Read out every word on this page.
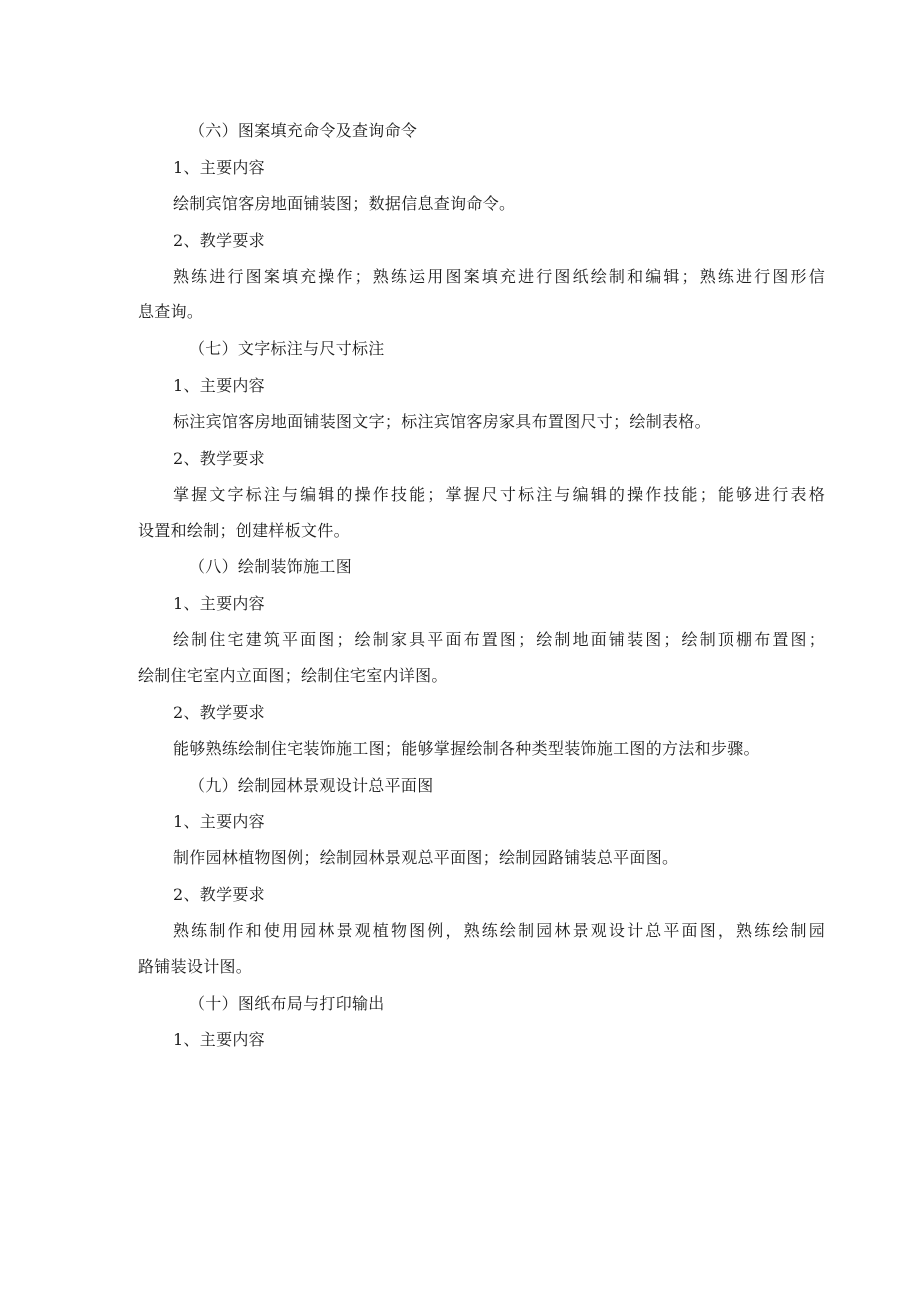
（六）图案填充命令及查询命令
1、主要内容
绘制宾馆客房地面铺装图；数据信息查询命令。
2、教学要求
熟练进行图案填充操作；熟练运用图案填充进行图纸绘制和编辑；熟练进行图形信
息查询。
（七）文字标注与尺寸标注
1、主要内容
标注宾馆客房地面铺装图文字；标注宾馆客房家具布置图尺寸；绘制表格。
2、教学要求
掌握文字标注与编辑的操作技能；掌握尺寸标注与编辑的操作技能；能够进行表格
设置和绘制；创建样板文件。
（八）绘制装饰施工图
1、主要内容
绘制住宅建筑平面图；绘制家具平面布置图；绘制地面铺装图；绘制顶棚布置图；
绘制住宅室内立面图；绘制住宅室内详图。
2、教学要求
能够熟练绘制住宅装饰施工图；能够掌握绘制各种类型装饰施工图的方法和步骤。
（九）绘制园林景观设计总平面图
1、主要内容
制作园林植物图例；绘制园林景观总平面图；绘制园路铺装总平面图。
2、教学要求
熟练制作和使用园林景观植物图例，熟练绘制园林景观设计总平面图，熟练绘制园
路铺装设计图。
（十）图纸布局与打印输出
1、主要内容
